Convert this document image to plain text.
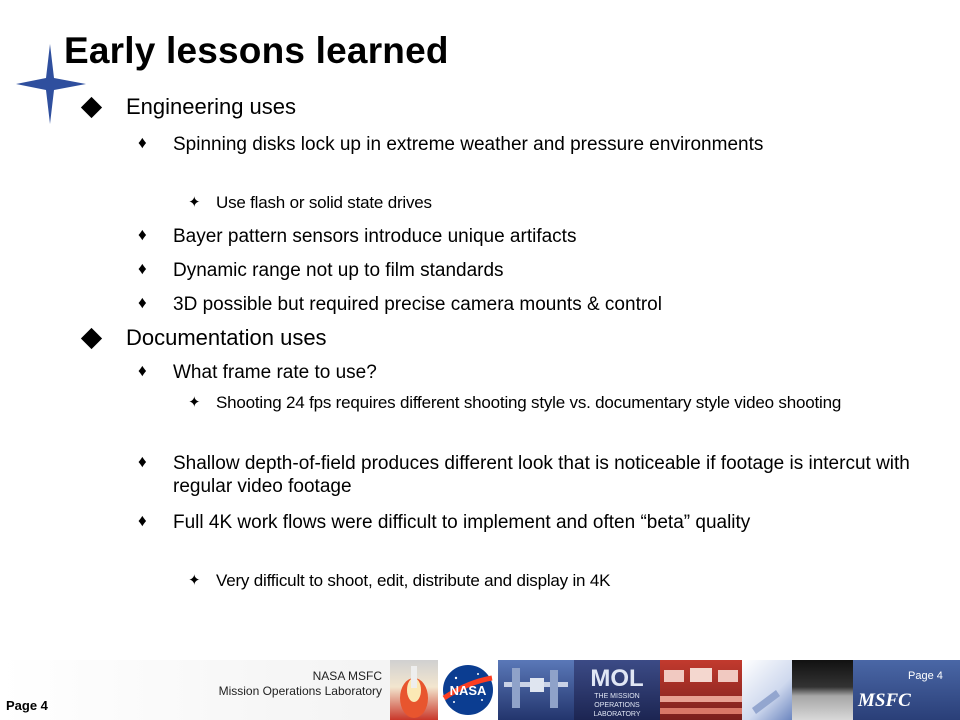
Early lessons learned
Engineering uses
♦ Spinning disks lock up in extreme weather and pressure environments
✦ Use flash or solid state drives
♦ Bayer pattern sensors introduce unique artifacts
♦ Dynamic range not up to film standards
♦ 3D possible but required precise camera mounts & control
Documentation uses
♦ What frame rate to use?
✦ Shooting 24 fps requires different shooting style vs. documentary style video shooting
♦ Shallow depth-of-field produces different look that is noticeable if footage is intercut with regular video footage
♦ Full 4K work flows were difficult to implement and often “beta” quality
✦ Very difficult to shoot, edit, distribute and display in 4K
Page 4
NASA MSFC
Mission Operations Laboratory	NASA	MOL
THE MISSION
OPERATIONS
LABORATORY
Page 4
MSFC
